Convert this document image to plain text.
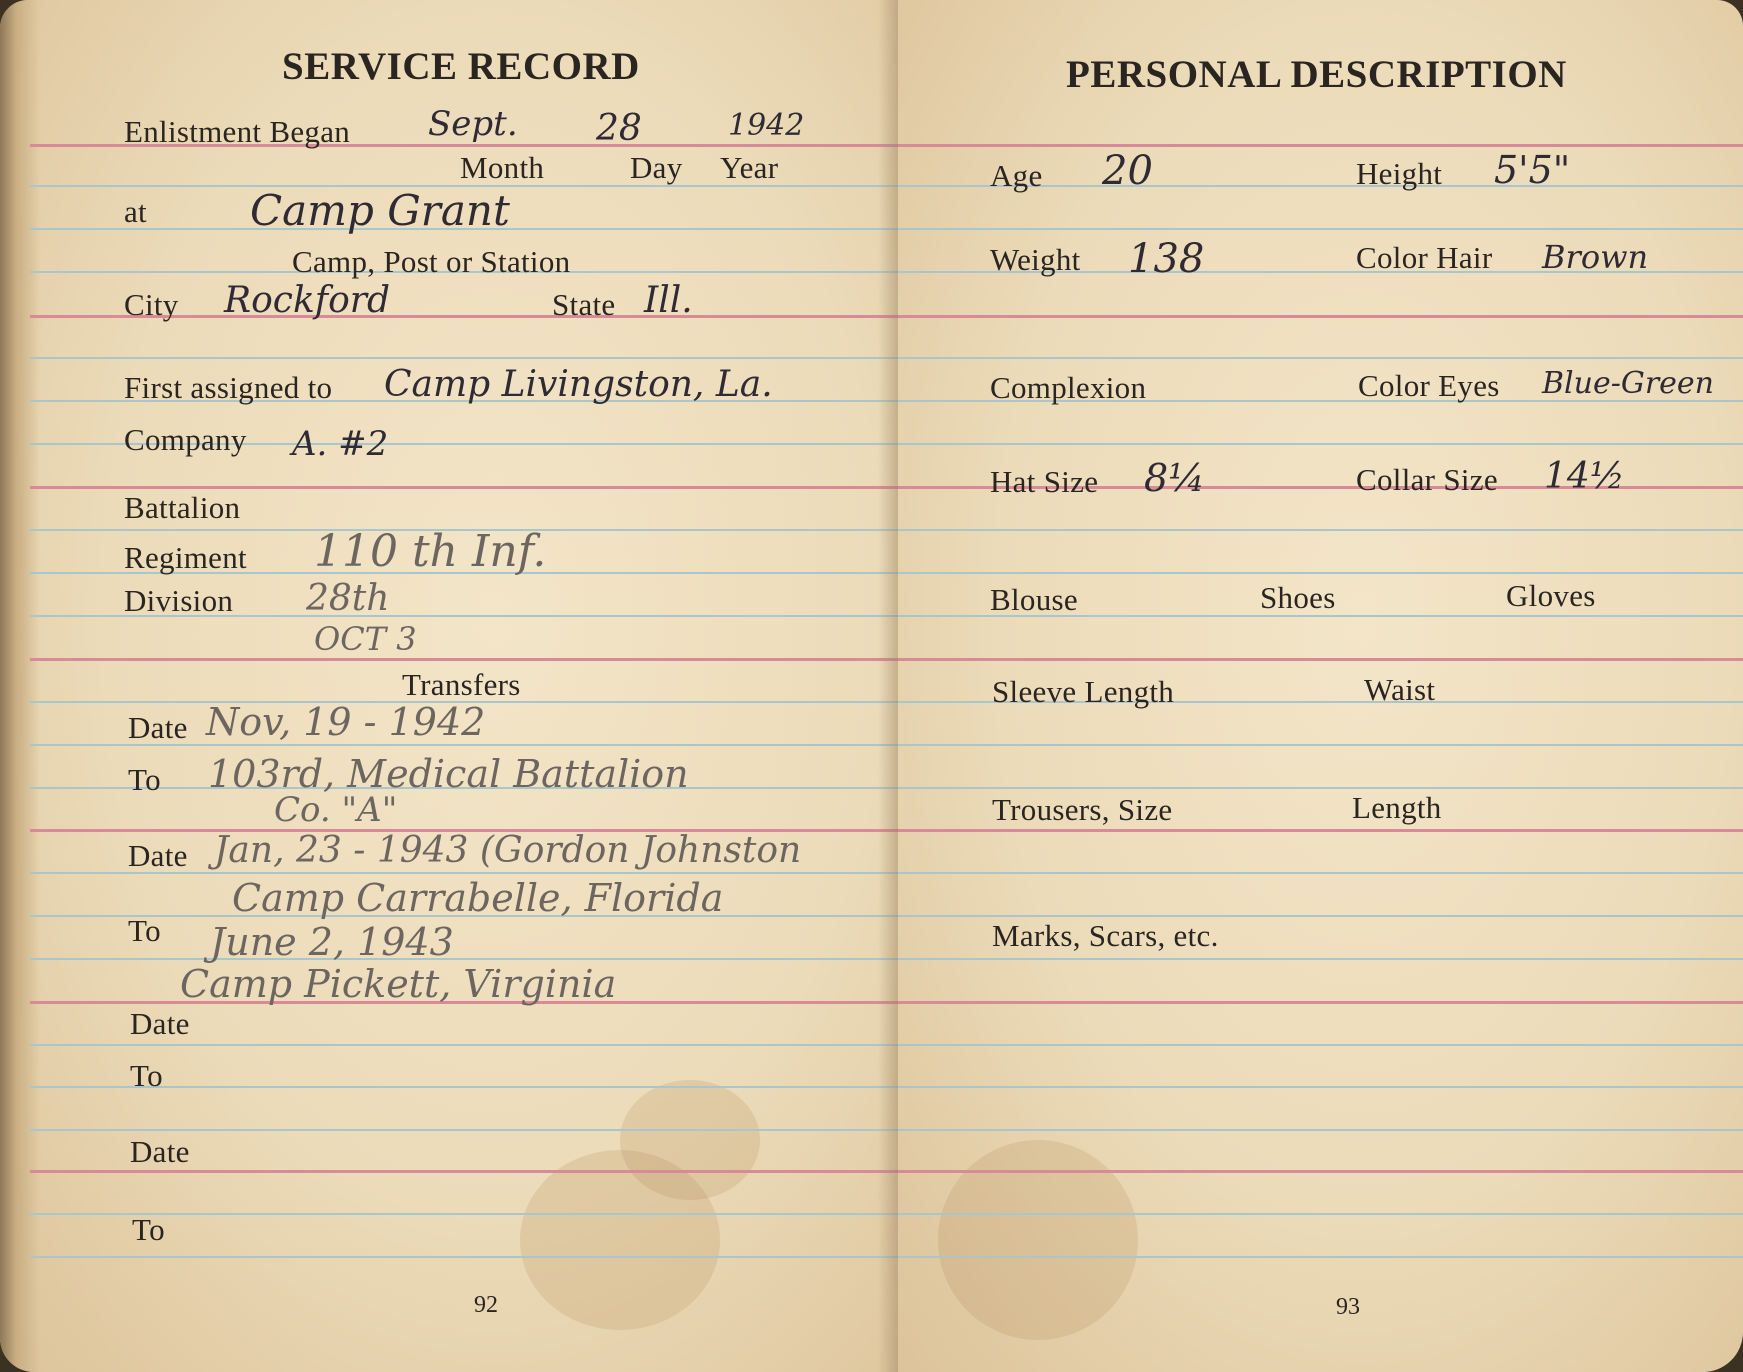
SERVICE RECORD
Enlistment Began Sept. 28	1942
Month	Day Year
at Camp Grant
Camp, Post or Station
City Rockford	State Ill.
First assigned to Camp Livingston, La.
Company A. #2
Battalion
Regiment 110 th Inf.
Division 28th
OCT 3
Transfers
Date Nov, 19 - 1942
To 103rd, Medical Battalion
Co. "A"
Date Jan, 23 - 1943 (Gordon Johnston
Camp Carrabelle, Florida
To June 2, 1943
Camp Pickett, Virginia
Date
To
Date
To
92
PERSONAL DESCRIPTION
Age 20	Height 5'5"
Weight 138	Color Hair Brown
Complexion	Color Eyes Blue-Green
Hat Size 8¼	Collar Size 14½
Blouse	Shoes	Gloves
Sleeve Length	Waist
Trousers, Size	Length
Marks, Scars, etc.
93
